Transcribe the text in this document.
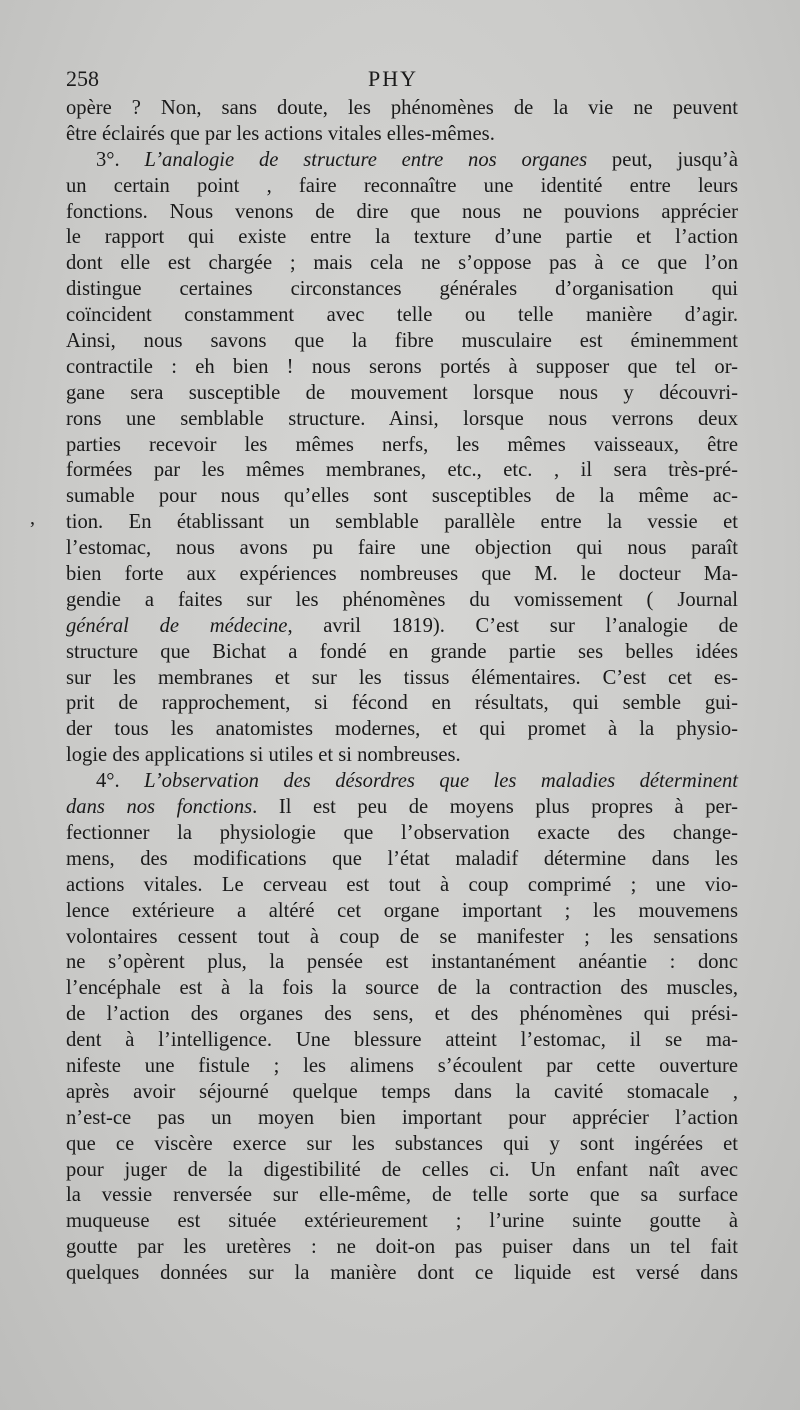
258	PHY
,
opère ? Non, sans doute, les phénomènes de la vie ne peuvent
être éclairés que par les actions vitales elles-mêmes.
3°. L’analogie de structure entre nos organes peut, jusqu’à
un certain point , faire reconnaître une identité entre leurs
fonctions. Nous venons de dire que nous ne pouvions apprécier
le rapport qui existe entre la texture d’une partie et l’action
dont elle est chargée ; mais cela ne s’oppose pas à ce que l’on
distingue certaines circonstances générales d’organisation qui
coïncident constamment avec telle ou telle manière d’agir.
Ainsi, nous savons que la fibre musculaire est éminemment
contractile : eh bien ! nous serons portés à supposer que tel or-
gane sera susceptible de mouvement lorsque nous y découvri-
rons une semblable structure. Ainsi, lorsque nous verrons deux
parties recevoir les mêmes nerfs, les mêmes vaisseaux, être
formées par les mêmes membranes, etc., etc. , il sera très-pré-
sumable pour nous qu’elles sont susceptibles de la même ac-
tion. En établissant un semblable parallèle entre la vessie et
l’estomac, nous avons pu faire une objection qui nous paraît
bien forte aux expériences nombreuses que M. le docteur Ma-
gendie a faites sur les phénomènes du vomissement ( Journal
général de médecine, avril 1819). C’est sur l’analogie de
structure que Bichat a fondé en grande partie ses belles idées
sur les membranes et sur les tissus élémentaires. C’est cet es-
prit de rapprochement, si fécond en résultats, qui semble gui-
der tous les anatomistes modernes, et qui promet à la physio-
logie des applications si utiles et si nombreuses.
4°. L’observation des désordres que les maladies déterminent
dans nos fonctions. Il est peu de moyens plus propres à per-
fectionner la physiologie que l’observation exacte des change-
mens, des modifications que l’état maladif détermine dans les
actions vitales. Le cerveau est tout à coup comprimé ; une vio-
lence extérieure a altéré cet organe important ; les mouvemens
volontaires cessent tout à coup de se manifester ; les sensations
ne s’opèrent plus, la pensée est instantanément anéantie : donc
l’encéphale est à la fois la source de la contraction des muscles,
de l’action des organes des sens, et des phénomènes qui prési-
dent à l’intelligence. Une blessure atteint l’estomac, il se ma-
nifeste une fistule ; les alimens s’écoulent par cette ouverture
après avoir séjourné quelque temps dans la cavité stomacale ,
n’est-ce pas un moyen bien important pour apprécier l’action
que ce viscère exerce sur les substances qui y sont ingérées et
pour juger de la digestibilité de celles ci. Un enfant naît avec
la vessie renversée sur elle-même, de telle sorte que sa surface
muqueuse est située extérieurement ; l’urine suinte goutte à
goutte par les uretères : ne doit-on pas puiser dans un tel fait
quelques données sur la manière dont ce liquide est versé dans
